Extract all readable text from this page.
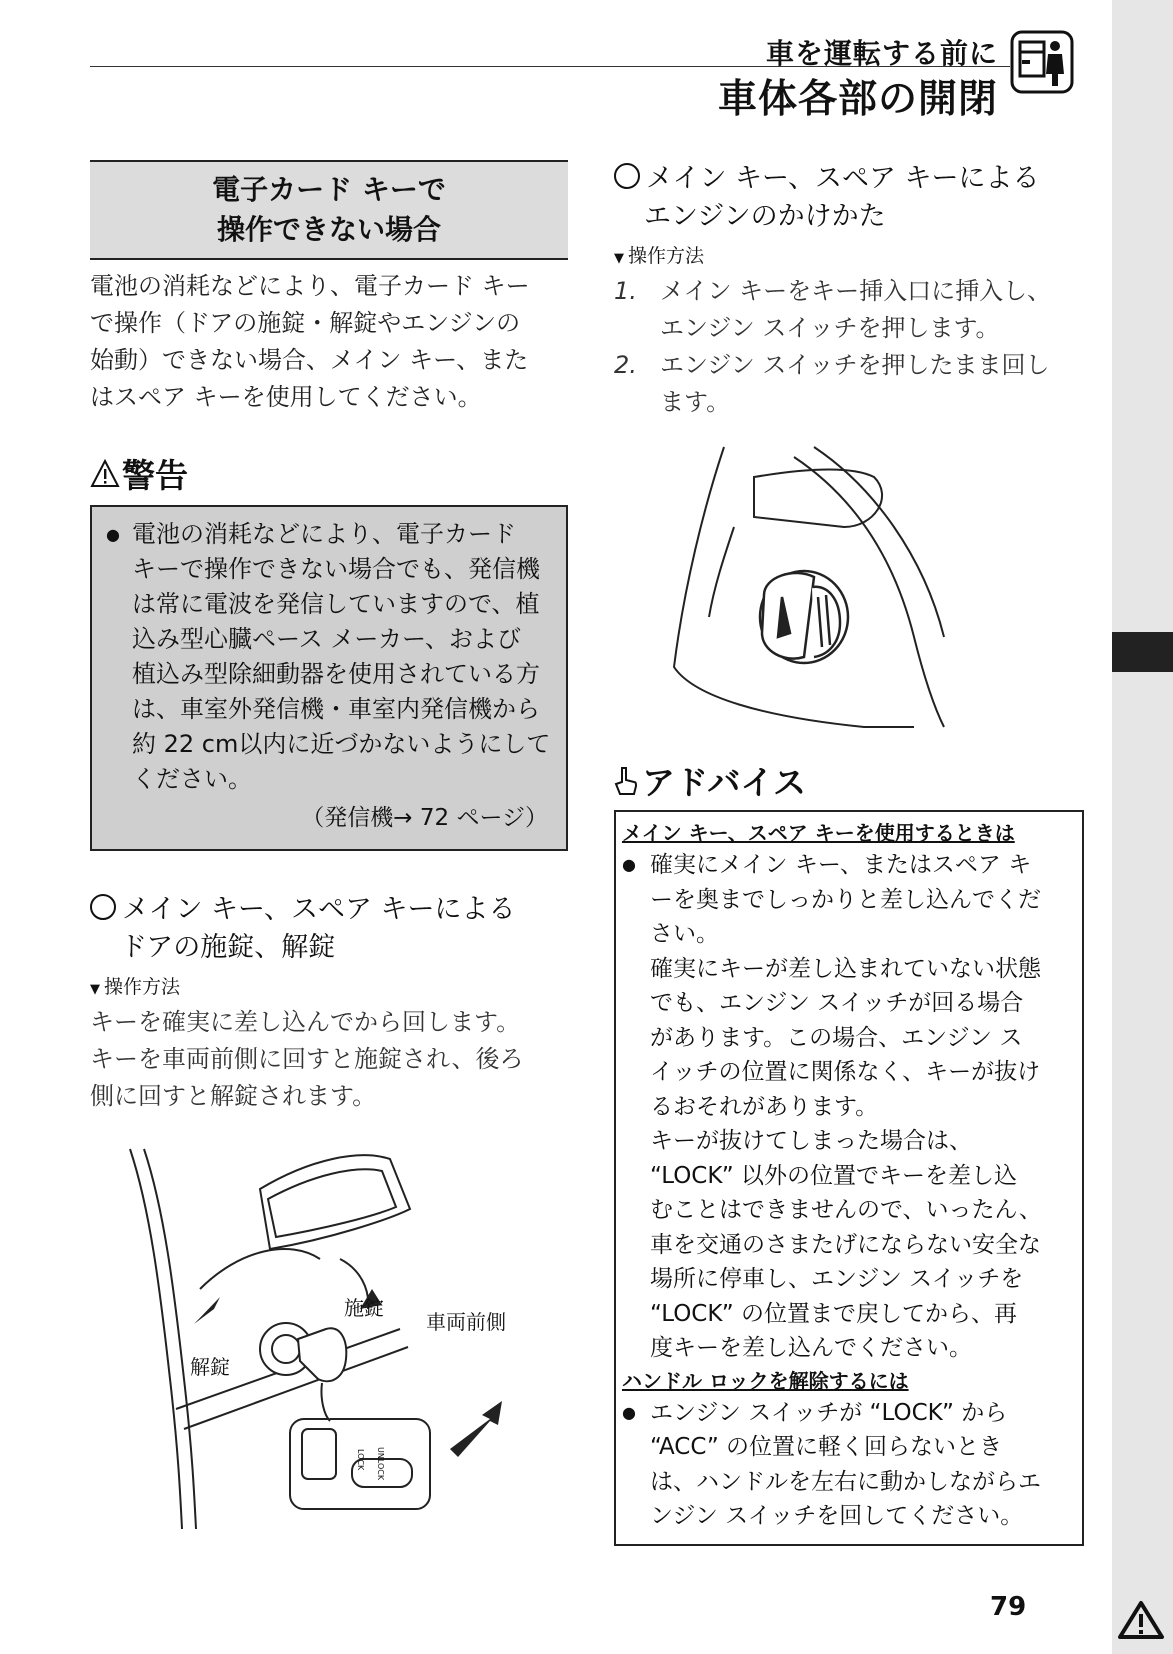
車を運転する前に
車体各部の開閉
電子カード キーで
操作できない場合
電池の消耗などにより、電子カード キー
で操作（ドアの施錠・解錠やエンジンの
始動）できない場合、メイン キー、また
はスペア キーを使用してください。
警告
● 電池の消耗などにより、電子カード
キーで操作できない場合でも、発信機
は常に電波を発信していますので、植
込み型心臓ペース メーカー、および
植込み型除細動器を使用されている方
は、車室外発信機・車室内発信機から
約 22 cm以内に近づかないようにして
ください。
（発信機→ 72 ページ）
メイン キー、スペア キーによる
ドアの施錠、解錠
▼ 操作方法
キーを確実に差し込んでから回します。
キーを車両前側に回すと施錠され、後ろ
側に回すと解錠されます。
施錠
解錠
車両前側
LOCK UNLOCK
メイン キー、スペア キーによる
エンジンのかけかた
▼ 操作方法
1. メイン キーをキー挿入口に挿入し、
エンジン スイッチを押します。
2. エンジン スイッチを押したまま回し
ます。
アドバイス
メイン キー、スペア キーを使用するときは
● 確実にメイン キー、またはスペア キ
ーを奥までしっかりと差し込んでくだ
さい。
確実にキーが差し込まれていない状態
でも、エンジン スイッチが回る場合
があります。この場合、エンジン ス
イッチの位置に関係なく、キーが抜け
るおそれがあります。
キーが抜けてしまった場合は、
“LOCK” 以外の位置でキーを差し込
むことはできませんので、いったん、
車を交通のさまたげにならない安全な
場所に停車し、エンジン スイッチを
“LOCK” の位置まで戻してから、再
度キーを差し込んでください。
ハンドル ロックを解除するには
● エンジン スイッチが “LOCK” から
“ACC” の位置に軽く回らないとき
は、ハンドルを左右に動かしながらエ
ンジン スイッチを回してください。
79
